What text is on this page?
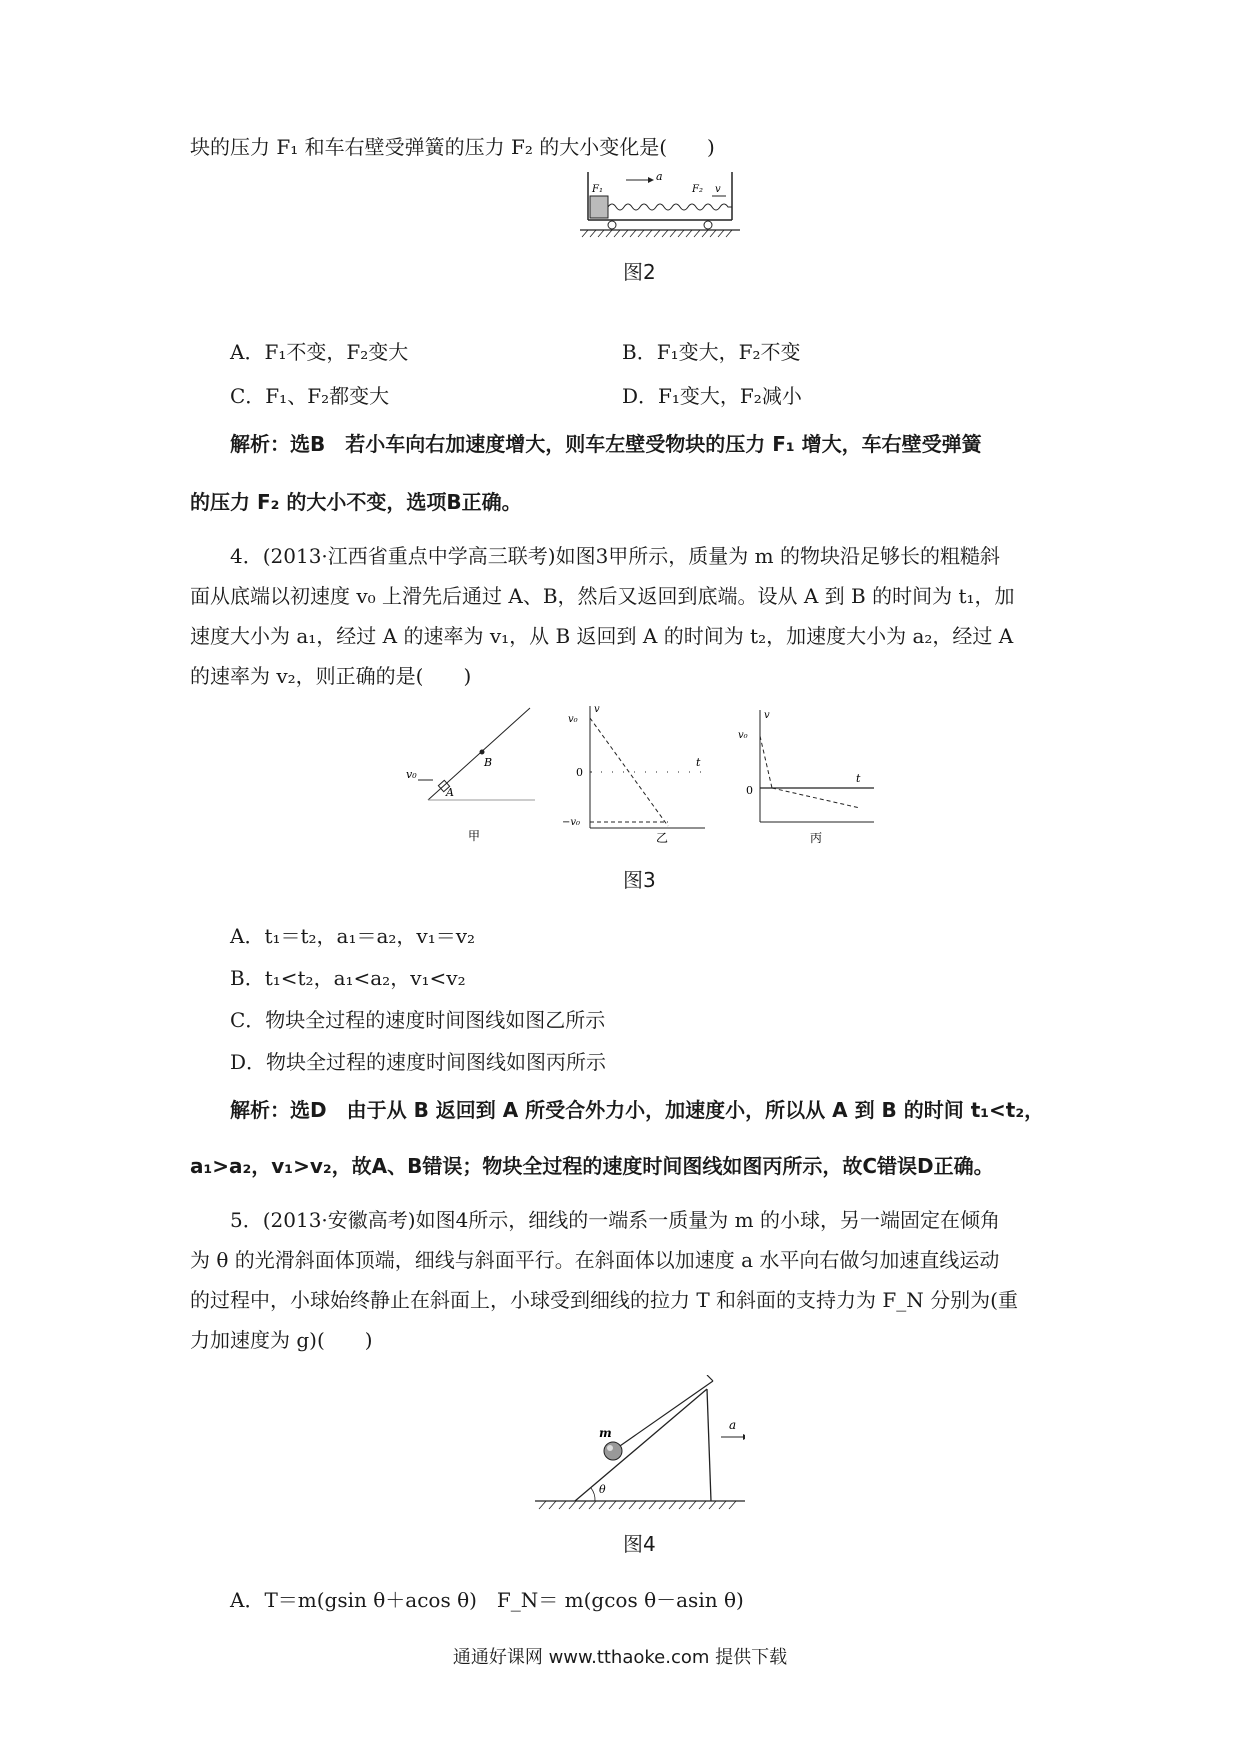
块的压力 F₁ 和车右壁受弹簧的压力 F₂ 的大小变化是(　　)
a
F₁	F₂ v
图2
A．F₁不变，F₂变大	B．F₁变大，F₂不变
C．F₁、F₂都变大	D．F₁变大，F₂减小
解析：选B　若小车向右加速度增大，则车左壁受物块的压力 F₁ 增大，车右壁受弹簧
的压力 F₂ 的大小不变，选项B正确。
4．(2013·江西省重点中学高三联考)如图3甲所示，质量为 m 的物块沿足够长的粗糙斜
面从底端以初速度 v₀ 上滑先后通过 A、B，然后又返回到底端。设从 A 到 B 的时间为 t₁，加
速度大小为 a₁，经过 A 的速率为 v₁，从 B 返回到 A 的时间为 t₂，加速度大小为 a₂，经过 A
的速率为 v₂，则正确的是(　　)
v₀
A
B
甲
v
v₀
0
−v₀
t
乙
v
v₀
0
t
丙
图3
A．t₁＝t₂，a₁＝a₂，v₁＝v₂
B．t₁<t₂，a₁<a₂，v₁<v₂
C．物块全过程的速度时间图线如图乙所示
D．物块全过程的速度时间图线如图丙所示
解析：选D　由于从 B 返回到 A 所受合外力小，加速度小，所以从 A 到 B 的时间 t₁<t₂，
a₁>a₂，v₁>v₂，故A、B错误；物块全过程的速度时间图线如图丙所示，故C错误D正确。
5．(2013·安徽高考)如图4所示，细线的一端系一质量为 m 的小球，另一端固定在倾角
为 θ 的光滑斜面体顶端，细线与斜面平行。在斜面体以加速度 a 水平向右做匀加速直线运动
的过程中，小球始终静止在斜面上，小球受到细线的拉力 T 和斜面的支持力为 F_N 分别为(重
力加速度为 g)(　　)
m
θ
a
图4
A．T＝m(gsin θ＋acos θ)　F_N＝ m(gcos θ－asin θ)
通通好课网 www.tthaoke.com 提供下载
